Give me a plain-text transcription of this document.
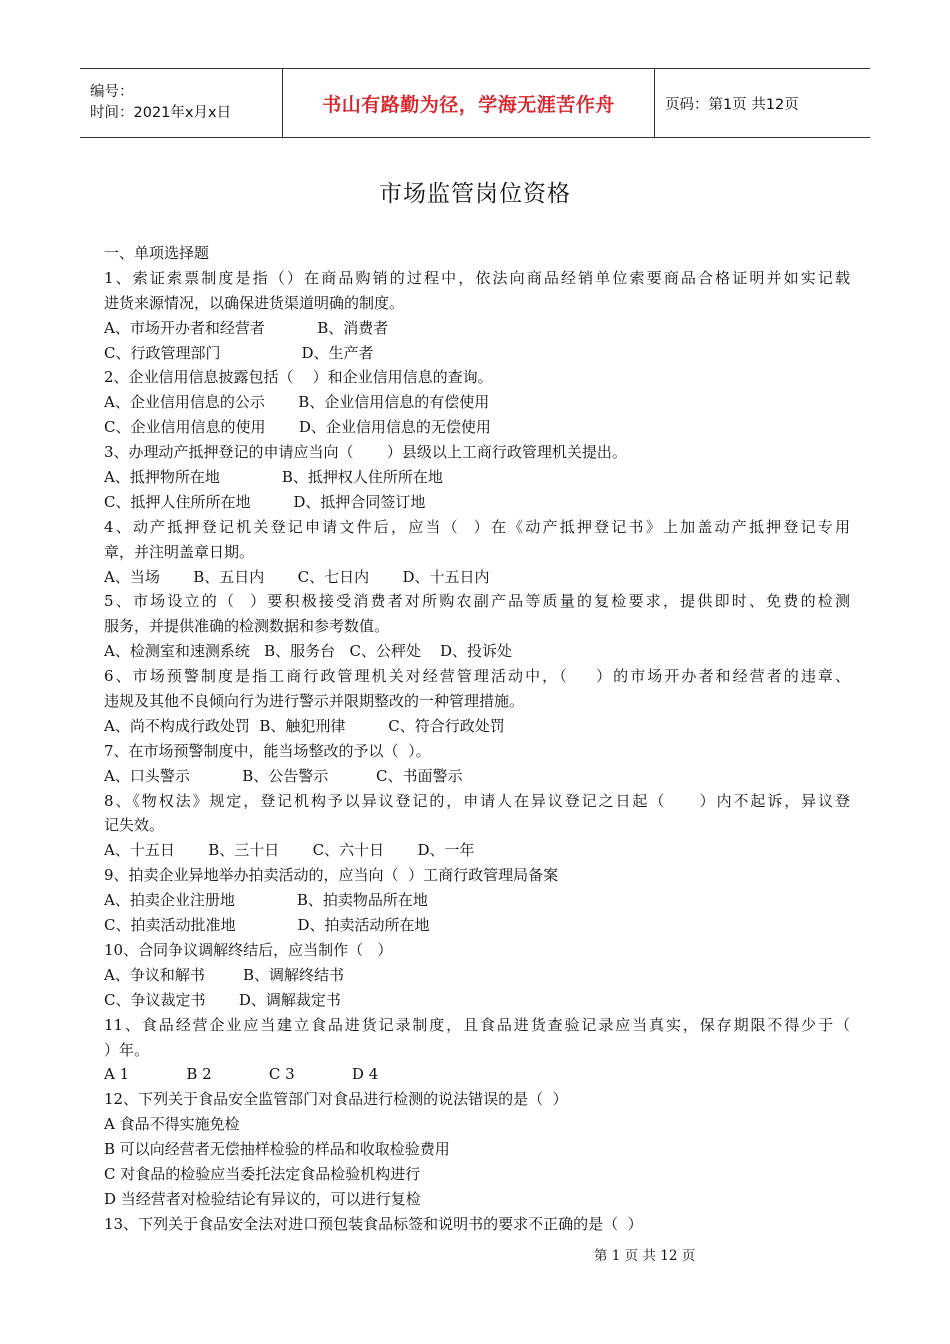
编号：
时间：2021年x月x日	书山有路勤为径，学海无涯苦作舟	页码：第1页 共12页
市场监管岗位资格
一、单项选择题
1、索证索票制度是指（）在商品购销的过程中，依法向商品经销单位索要商品合格证明并如实记载
进货来源情况，以确保进货渠道明确的制度。
A、市场开办者和经营者           B、消费者
C、行政管理部门                 D、生产者
2、企业信用信息披露包括（    ）和企业信用信息的查询。
A、企业信用信息的公示       B、企业信用信息的有偿使用
C、企业信用信息的使用       D、企业信用信息的无偿使用
3、办理动产抵押登记的申请应当向（       ）县级以上工商行政管理机关提出。
A、抵押物所在地             B、抵押权人住所所在地
C、抵押人住所所在地         D、抵押合同签订地
4、动产抵押登记机关登记申请文件后，应当（  ）在《动产抵押登记书》上加盖动产抵押登记专用
章，并注明盖章日期。
A、当场       B、五日内       C、七日内       D、十五日内
5、市场设立的（  ）要积极接受消费者对所购农副产品等质量的复检要求，提供即时、免费的检测
服务，并提供准确的检测数据和参考数值。
A、检测室和速测系统   B、服务台   C、公秤处    D、投诉处
6、市场预警制度是指工商行政管理机关对经营管理活动中，（    ）的市场开办者和经营者的违章、
违规及其他不良倾向行为进行警示并限期整改的一种管理措施。
A、尚不构成行政处罚  B、触犯刑律         C、符合行政处罚
7、在市场预警制度中，能当场整改的予以（  ）。
A、口头警示           B、公告警示          C、书面警示
8、《物权法》规定，登记机构予以异议登记的，申请人在异议登记之日起（     ）内不起诉，异议登
记失效。
A、十五日       B、三十日       C、六十日       D、一年
9、拍卖企业异地举办拍卖活动的，应当向（  ）工商行政管理局备案
A、拍卖企业注册地             B、拍卖物品所在地
C、拍卖活动批准地             D、拍卖活动所在地
10、合同争议调解终结后，应当制作（   ）
A、争议和解书        B、调解终结书
C、争议裁定书       D、调解裁定书
11、食品经营企业应当建立食品进货记录制度，且食品进货查验记录应当真实，保存期限不得少于（
）年。
A 1            B 2            C 3            D 4
12、下列关于食品安全监管部门对食品进行检测的说法错误的是（  ）
A 食品不得实施免检
B 可以向经营者无偿抽样检验的样品和收取检验费用
C 对食品的检验应当委托法定食品检验机构进行
D 当经营者对检验结论有异议的，可以进行复检
13、下列关于食品安全法对进口预包装食品标签和说明书的要求不正确的是（  ）
第 1 页 共 12 页
